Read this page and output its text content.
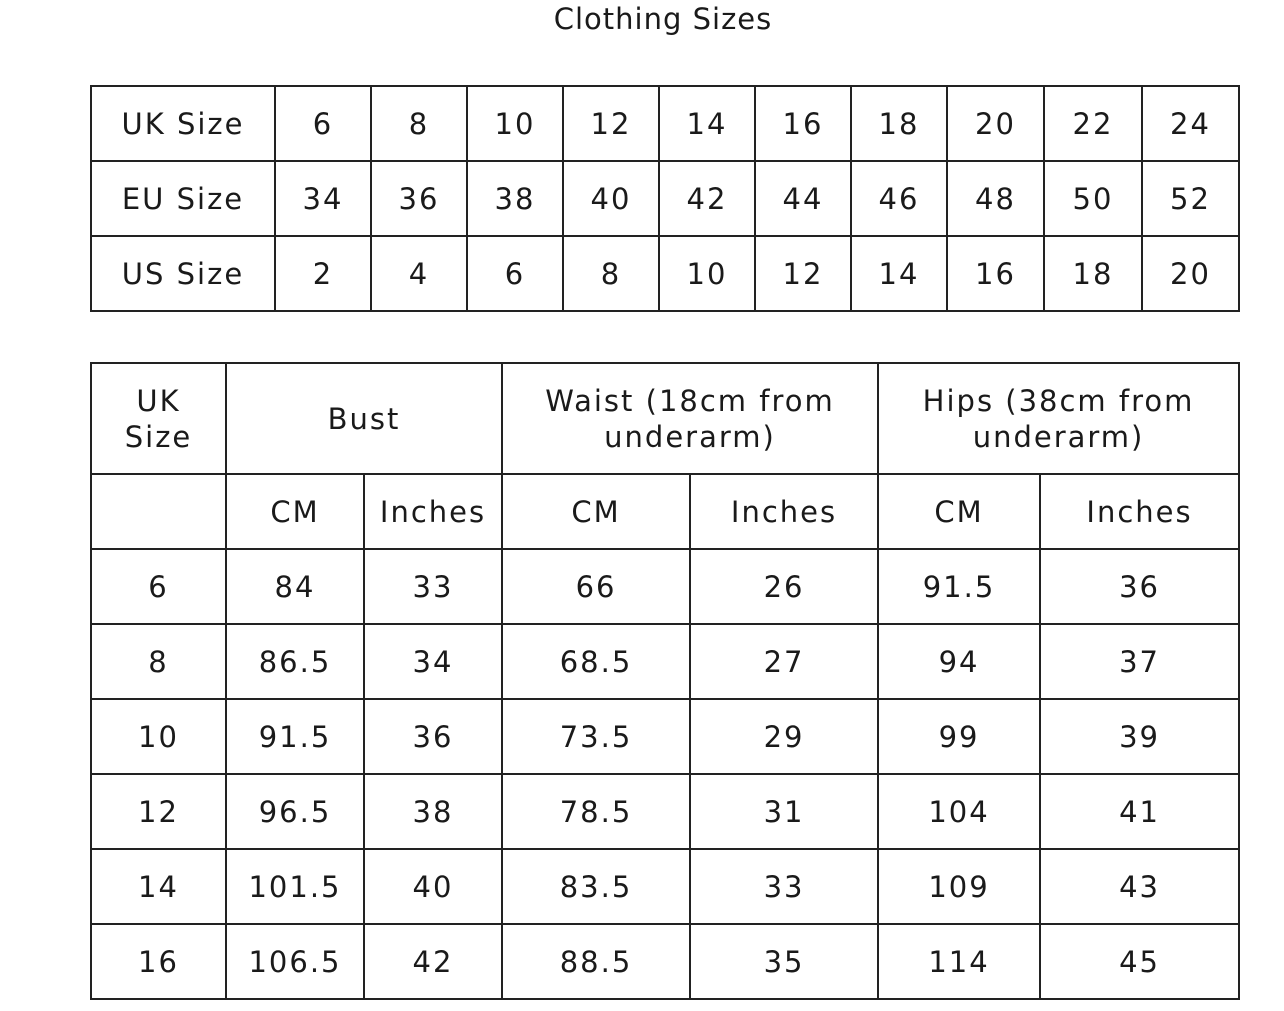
Clothing Sizes
UK Size	6	8	10	12	14	16	18	20	22	24
EU Size	34	36	38	40	42	44	46	48	50	52
US Size	2	4	6	8	10	12	14	16	18	20
UK
Size	Bust		Waist (18cm from underarm)		Hips (38cm from underarm)	
	CM	Inches	CM	Inches	CM	Inches
6	84	33	66	26	91.5	36
8	86.5	34	68.5	27	94	37
10	91.5	36	73.5	29	99	39
12	96.5	38	78.5	31	104	41
14	101.5	40	83.5	33	109	43
16	106.5	42	88.5	35	114	45
